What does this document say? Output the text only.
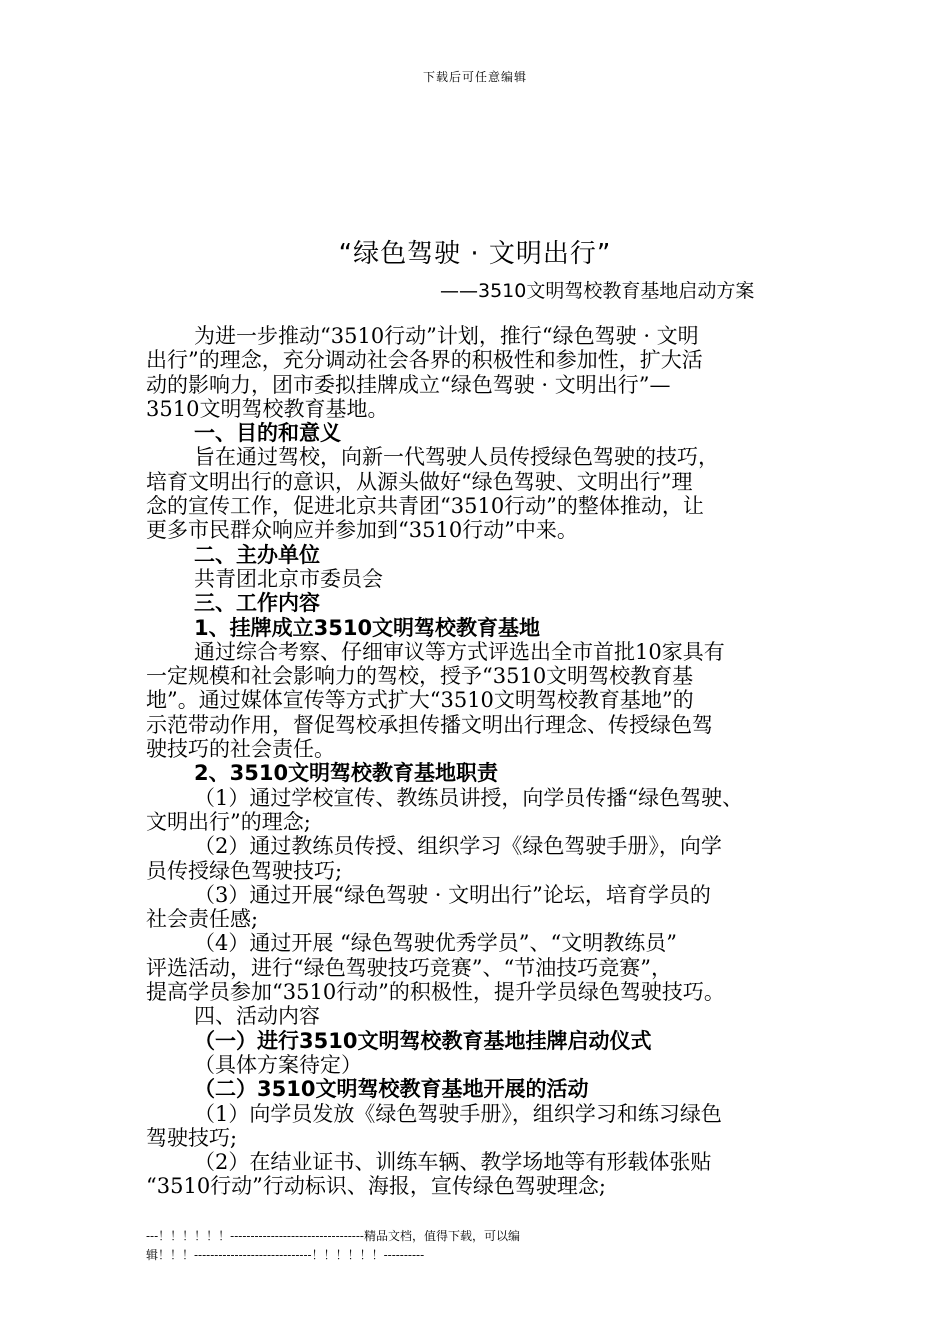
下载后可任意编辑
“绿色驾驶 · 文明出行”
——3510文明驾校教育基地启动方案
为进一步推动“3510行动”计划，推行“绿色驾驶 · 文明
出行”的理念，充分调动社会各界的积极性和参加性，扩大活
动的影响力，团市委拟挂牌成立“绿色驾驶 · 文明出行”—
3510文明驾校教育基地。
一、目的和意义
旨在通过驾校，向新一代驾驶人员传授绿色驾驶的技巧，
培育文明出行的意识，从源头做好“绿色驾驶、文明出行”理
念的宣传工作，促进北京共青团“3510行动”的整体推动，让
更多市民群众响应并参加到“3510行动”中来。
二、主办单位
共青团北京市委员会
三、工作内容
1、挂牌成立3510文明驾校教育基地
通过综合考察、仔细审议等方式评选出全市首批10家具有
一定规模和社会影响力的驾校，授予“3510文明驾校教育基
地”。通过媒体宣传等方式扩大“3510文明驾校教育基地”的
示范带动作用，督促驾校承担传播文明出行理念、传授绿色驾
驶技巧的社会责任。
2、3510文明驾校教育基地职责
（1）通过学校宣传、教练员讲授，向学员传播“绿色驾驶、
文明出行”的理念;
（2）通过教练员传授、组织学习《绿色驾驶手册》，向学
员传授绿色驾驶技巧;
（3）通过开展“绿色驾驶 · 文明出行”论坛，培育学员的
社会责任感;
（4）通过开展 “绿色驾驶优秀学员”、“文明教练员”
评选活动，进行“绿色驾驶技巧竞赛”、“节油技巧竞赛”，
提高学员参加“3510行动”的积极性，提升学员绿色驾驶技巧。
四、活动内容
（一）进行3510文明驾校教育基地挂牌启动仪式
（具体方案待定）
（二）3510文明驾校教育基地开展的活动
（1）向学员发放《绿色驾驶手册》，组织学习和练习绿色
驾驶技巧;
（2）在结业证书、训练车辆、教学场地等有形载体张贴
“3510行动”行动标识、海报，宣传绿色驾驶理念;
---！！！！！！---------------------------------精品文档，值得下载，可以编
辑！！！-----------------------------！！！！！！----------
